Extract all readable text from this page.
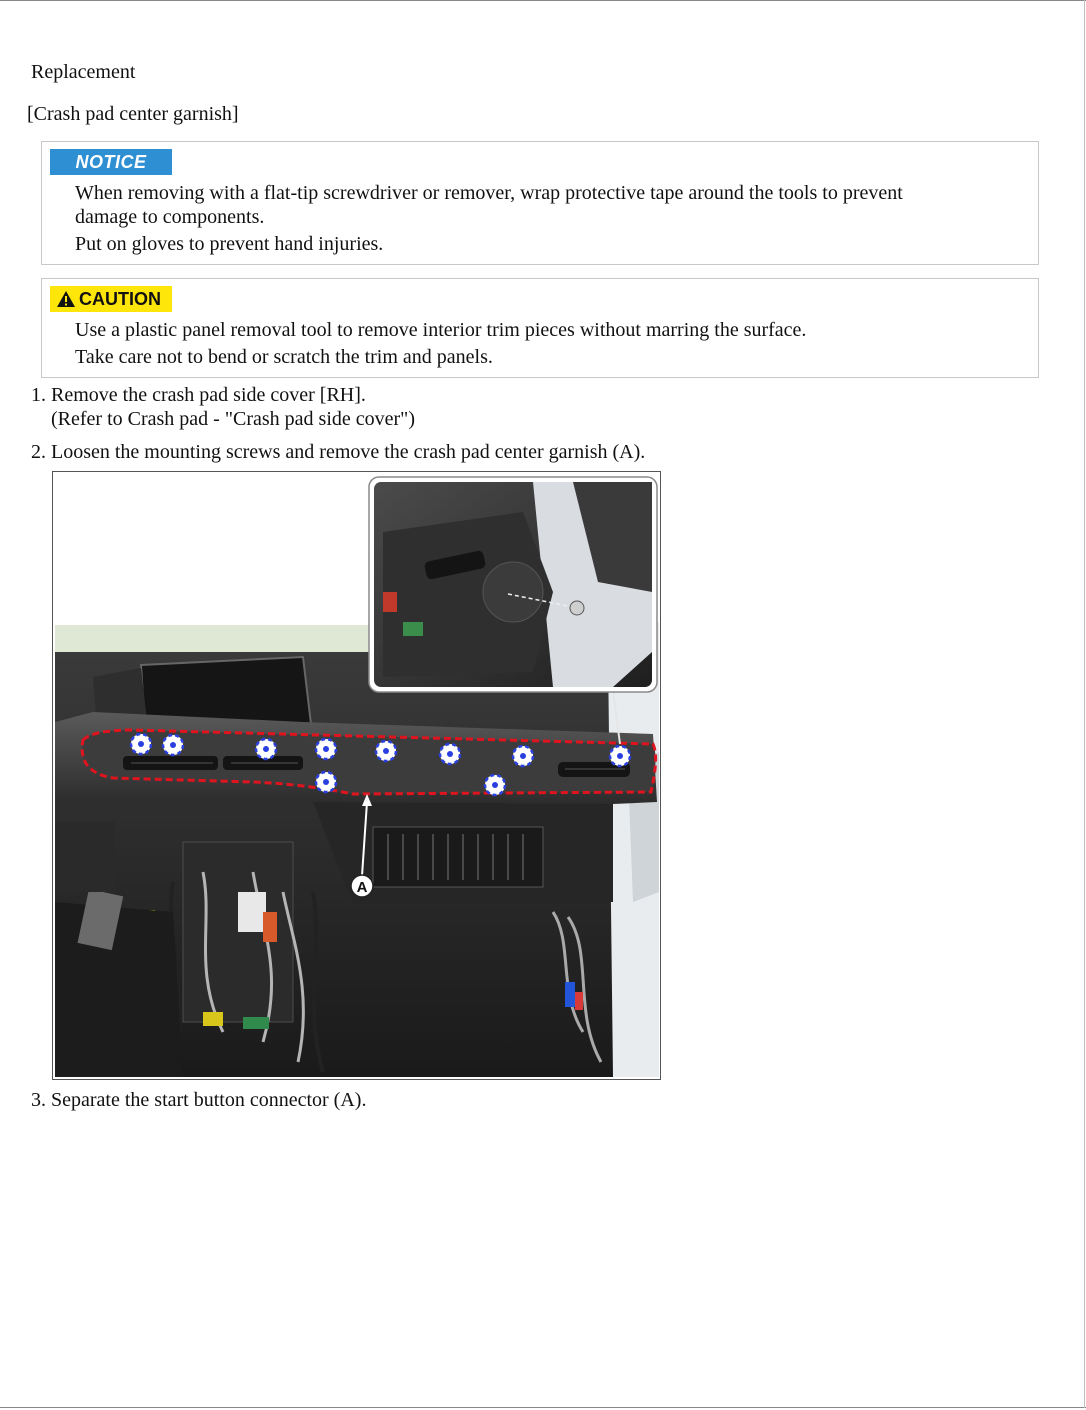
Replacement
[Crash pad center garnish]
NOTICE

When removing with a flat-tip screwdriver or remover, wrap protective tape around the tools to prevent

damage to components.

Put on gloves to prevent hand injuries.

CAUTION

Use a plastic panel removal tool to remove interior trim pieces without marring the surface.

Take care not to bend or scratch the trim and panels.

1. Remove the crash pad side cover [RH].
(Refer to Crash pad - "Crash pad side cover")
2. Loosen the mounting screws and remove the crash pad center garnish (A).
A
3. Separate the start button connector (A).
